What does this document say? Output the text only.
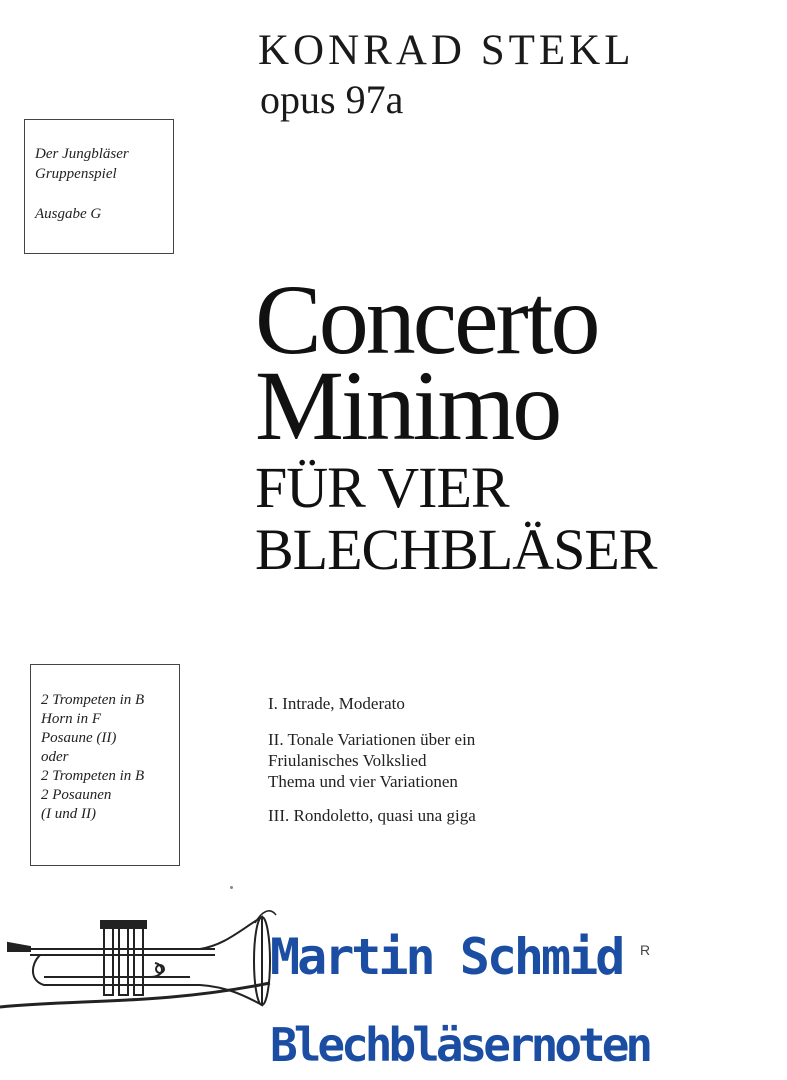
KONRAD STEKL
opus 97a
Der Jungbläser
Gruppenspiel
Ausgabe G
Concerto
Minimo
FÜR VIER
BLECHBLÄSER
2 Trompeten in B
Horn in F
Posaune (II)
oder
2 Trompeten in B
2 Posaunen
(I und II)
I. Intrade, Moderato
II. Tonale Variationen über ein
Friulanisches Volkslied
Thema und vier Variationen
III. Rondoletto, quasi una giga
Martin Schmid R
Blechbläsernoten
